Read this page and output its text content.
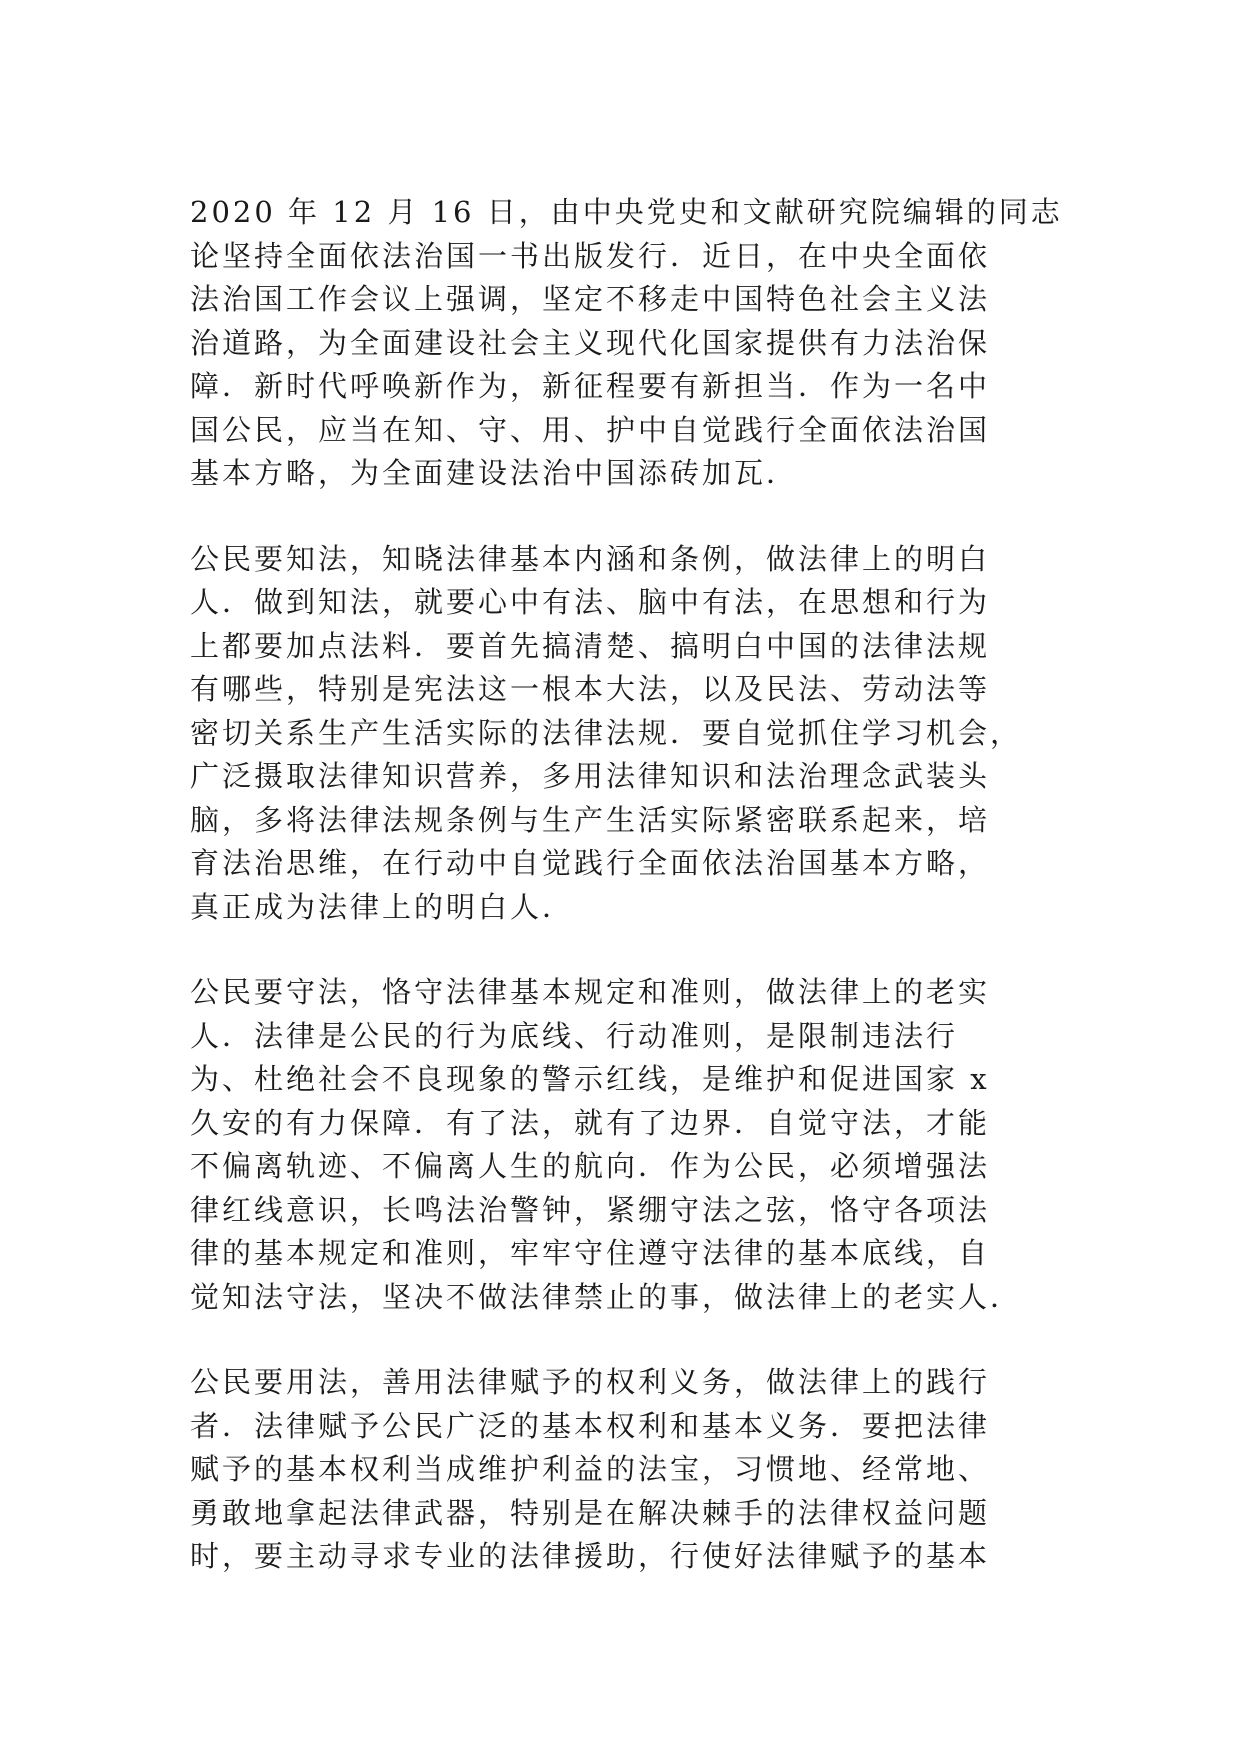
2020 年 12 月 16 日，由中央党史和文献研究院编辑的同志
论坚持全面依法治国一书出版发行．近日，在中央全面依
法治国工作会议上强调，坚定不移走中国特色社会主义法
治道路，为全面建设社会主义现代化国家提供有力法治保
障．新时代呼唤新作为，新征程要有新担当．作为一名中
国公民，应当在知、守、用、护中自觉践行全面依法治国
基本方略，为全面建设法治中国添砖加瓦．

公民要知法，知晓法律基本内涵和条例，做法律上的明白
人．做到知法，就要心中有法、脑中有法，在思想和行为
上都要加点法料．要首先搞清楚、搞明白中国的法律法规
有哪些，特别是宪法这一根本大法，以及民法、劳动法等
密切关系生产生活实际的法律法规．要自觉抓住学习机会，
广泛摄取法律知识营养，多用法律知识和法治理念武装头
脑，多将法律法规条例与生产生活实际紧密联系起来，培
育法治思维，在行动中自觉践行全面依法治国基本方略，
真正成为法律上的明白人．

公民要守法，恪守法律基本规定和准则，做法律上的老实
人．法律是公民的行为底线、行动准则，是限制违法行
为、杜绝社会不良现象的警示红线，是维护和促进国家 x
久安的有力保障．有了法，就有了边界．自觉守法，才能
不偏离轨迹、不偏离人生的航向．作为公民，必须增强法
律红线意识，长鸣法治警钟，紧绷守法之弦，恪守各项法
律的基本规定和准则，牢牢守住遵守法律的基本底线，自
觉知法守法，坚决不做法律禁止的事，做法律上的老实人．

公民要用法，善用法律赋予的权利义务，做法律上的践行
者．法律赋予公民广泛的基本权利和基本义务．要把法律
赋予的基本权利当成维护利益的法宝，习惯地、经常地、
勇敢地拿起法律武器，特别是在解决棘手的法律权益问题
时，要主动寻求专业的法律援助，行使好法律赋予的基本
